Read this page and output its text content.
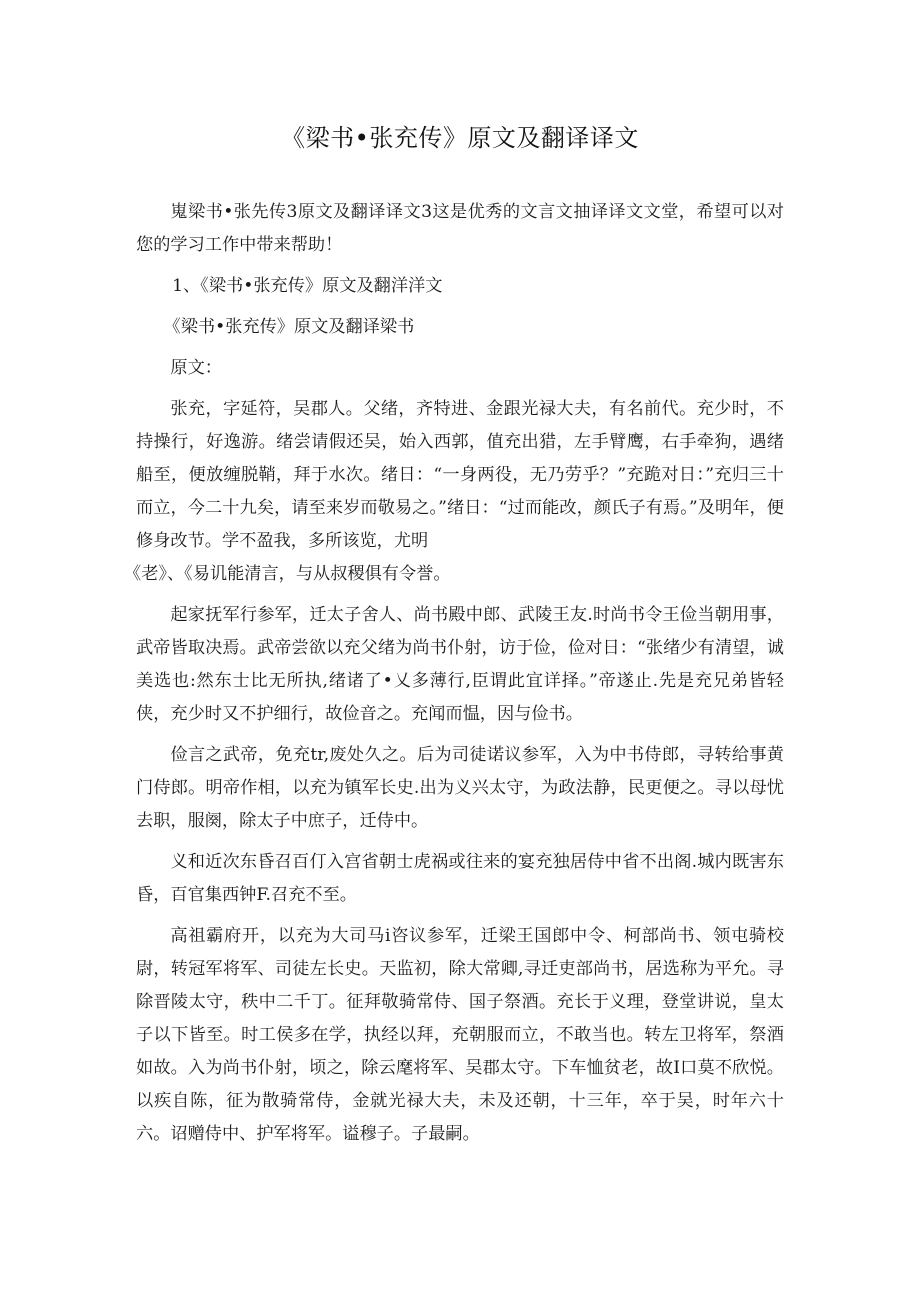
《梁书•张充传》原文及翻译译文

嵬梁书•张先传3原文及翻译译文3这是优秀的文言文抽译译文文堂，希望可以对您的学习工作中带来帮助！

1、《梁书•张充传》原文及翻洋洋文

《梁书•张充传》原文及翻译梁书

原文：

张充，字延符，吴郡人。父绪，齐特进、金跟光禄大夫，有名前代。充少时，不持操行，好逸游。绪尝请假还吴，始入西郭，值充出猎，左手臂鹰，右手牵狗，遇绪船至，便放缠脱鞘，拜于水次。绪日：“一身两役，无乃劳乎？”充跪对日：”充归三十而立，今二十九矣，请至来岁而敬易之。”绪日：“过而能改，颜氏子有焉。”及明年，便修身改节。学不盈我，多所该览，尤明

《老》、《易讥能清言，与从叔稷俱有令誉。

起家抚军行参军，迁太子舍人、尚书殿中郎、武陵王友.时尚书令王俭当朝用事，武帝皆取决焉。武帝尝欲以充父绪为尚书仆射，访于俭，俭对日：“张绪少有清望，诚美选也:然东士比无所执,绪诸了•乂多薄行,臣谓此宜详择。”帝遂止.先是充兄弟皆轻侠，充少时又不护细行，故俭音之。充闻而愠，因与俭书。

俭言之武帝，免充tr,废处久之。后为司徒诺议参军，入为中书侍郎，寻转给事黄门侍郎。明帝作相，以充为镇军长史.出为义兴太守，为政法静，民更便之。寻以母忧去职，服阕，除太子中庶子，迁侍中。

义和近次东昏召百仃入宫省朝士虎祸或往来的宴充独居侍中省不出阁.城内既害东昏，百官集西钟F.召充不至。

高祖霸府开，以充为大司马i咨议参军，迁梁王国郎中令、柯部尚书、领屯骑校尉，转冠军将军、司徒左长史。天监初，除大常卿,寻迁吏部尚书，居选称为平允。寻除晋陵太守，秩中二千丁。征拜敬骑常侍、国子祭酒。充长于义理，登堂讲说，皇太子以下皆至。时工侯多在学，执经以拜，充朝服而立，不敢当也。转左卫将军，祭酒如故。入为尚书仆射，顷之，除云麾将军、吴郡太守。下车恤贫老，故I口莫不欣悦。以疾自陈，征为散骑常侍，金就光禄大夫，未及还朝，十三年，卒于吴，时年六十六。诏赠侍中、护军将军。谥穆子。子最嗣。
